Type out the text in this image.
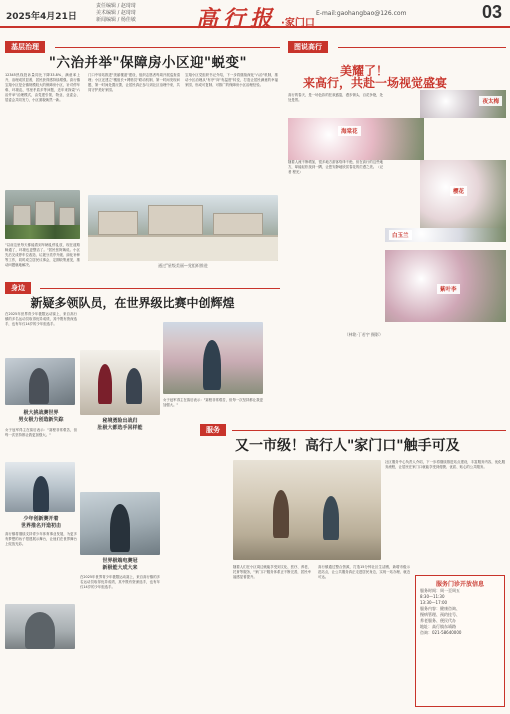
2025年4月21日
责任编辑 / 赵琦琦
美术编辑 / 赵琦琦
新闻编辑 / 杨佳敏	高行报 ·家门口
E-mail:gaohangbao@126.com	03
基层治理
"六治并举"保障房小区迎"蜕变"
12345热线投诉量同比下降33.8%，满意率上升，治理成效显著，居民获得感持续增强。高行镇宝翔小区是全镇规模较大的保障房小区，针对停车难、环境乱、邻里矛盾多等问题，近年来探索"六治并举"治理模式，由党建引领，物业、业委会、居委会共同发力，小区面貌焕然一新。
"以前这里每天都能看到车辆乱停乱放，现在道路畅通了，环境也更整洁了。"居民张阿姨说。小区先后完成停车位改造、垃圾分类亭升级、绿化补种等工作，同时成立居民议事会，定期收集意见，推动问题就地解决。
门口中转站推进"美丽楼道"建设，组织志愿者每周开展巡查清理；小区还建立"楼组长+网格员"联动机制，第一时间发现问题、第一时间处置反馈，让居民真正参与到社区治理中来，共同守护美好家园。
宝翔小区党组织书记介绍，下一步将继续深化"六治"机制，推动小区治理从"有序"向"有温度"转变，打造让居民满意的幸福家园，形成可复制、可推广的保障房小区治理经验。
通过"星级美丽—党组织推进
图说高行
美耀了！
来高行，共赴一场视觉盛宴
高行的春天，是一场色彩的狂欢盛宴，漫步街头，百花争艳，处处是景。
随着人流不断增加，很多地方游客络绎不绝，但在高行的这些地方，却能轻松找到一隅，让您安静地欣赏春花的烂漫之美。（记者 程光）
夜太梅
海棠花
樱花
白玉兰
紫叶李
（林铭·丁若宇 摄影）
身边
新疑多领队员，在世界级比赛中创辉煌
在2025年世界青少年极限运动赛上，来自高行镇的多名运动员取得优异成绩，其中既有资深选手，也有年仅14岁的少年组选手。
极大挑战赛世界
男女极力创造新失踪
女子冠军得主在赛后表示："赛程非常艰苦，但每一次坚持都让我更加强大。"
少年创新赛开着
世界推名开造初击
高行镇将继续支持青少年体育事业发展，为更多有梦想的孩子搭建展示舞台，让他们在世界舞台上绽放光彩。
秘境勇险出战归
肚极大都选手回样能
世界极端电赛冠
新极能大成大来
在2025年世界青少年极限运动赛上，来自高行镇的多名运动员取得优异成绩，其中既有资深选手，也有年仅14岁的少年组选手。
女子冠军得主在赛后表示："赛程非常艰苦，但每一次坚持都让我更加强大。"
服务
又一市级！高行人"家门口"触手可及
随着人们在小区周边就能享受到文化、医疗、养老、托育等服务，"家门口"服务体系正不断完善，居民幸福感显著提升。
高行镇通过整合资源，打造15分钟社区生活圈，新增市级示范站点，让公共服务真正走进居民身边，实现一站办理、就近可达。
社区服务中心负责人介绍，下一步将继续推进站点建设，丰富服务内容，优化服务流程，让居民在家门口就能享受到便捷、优质、贴心的公共服务。
服务门诊开放信息
服务时间：周一至周五
8:30—11:30
13:30—17:00
服务内容：健康咨询、
慢病管理、预约挂号、
养老服务、便民代办
地址：高行镇东靖路
咨询：021-58640000
